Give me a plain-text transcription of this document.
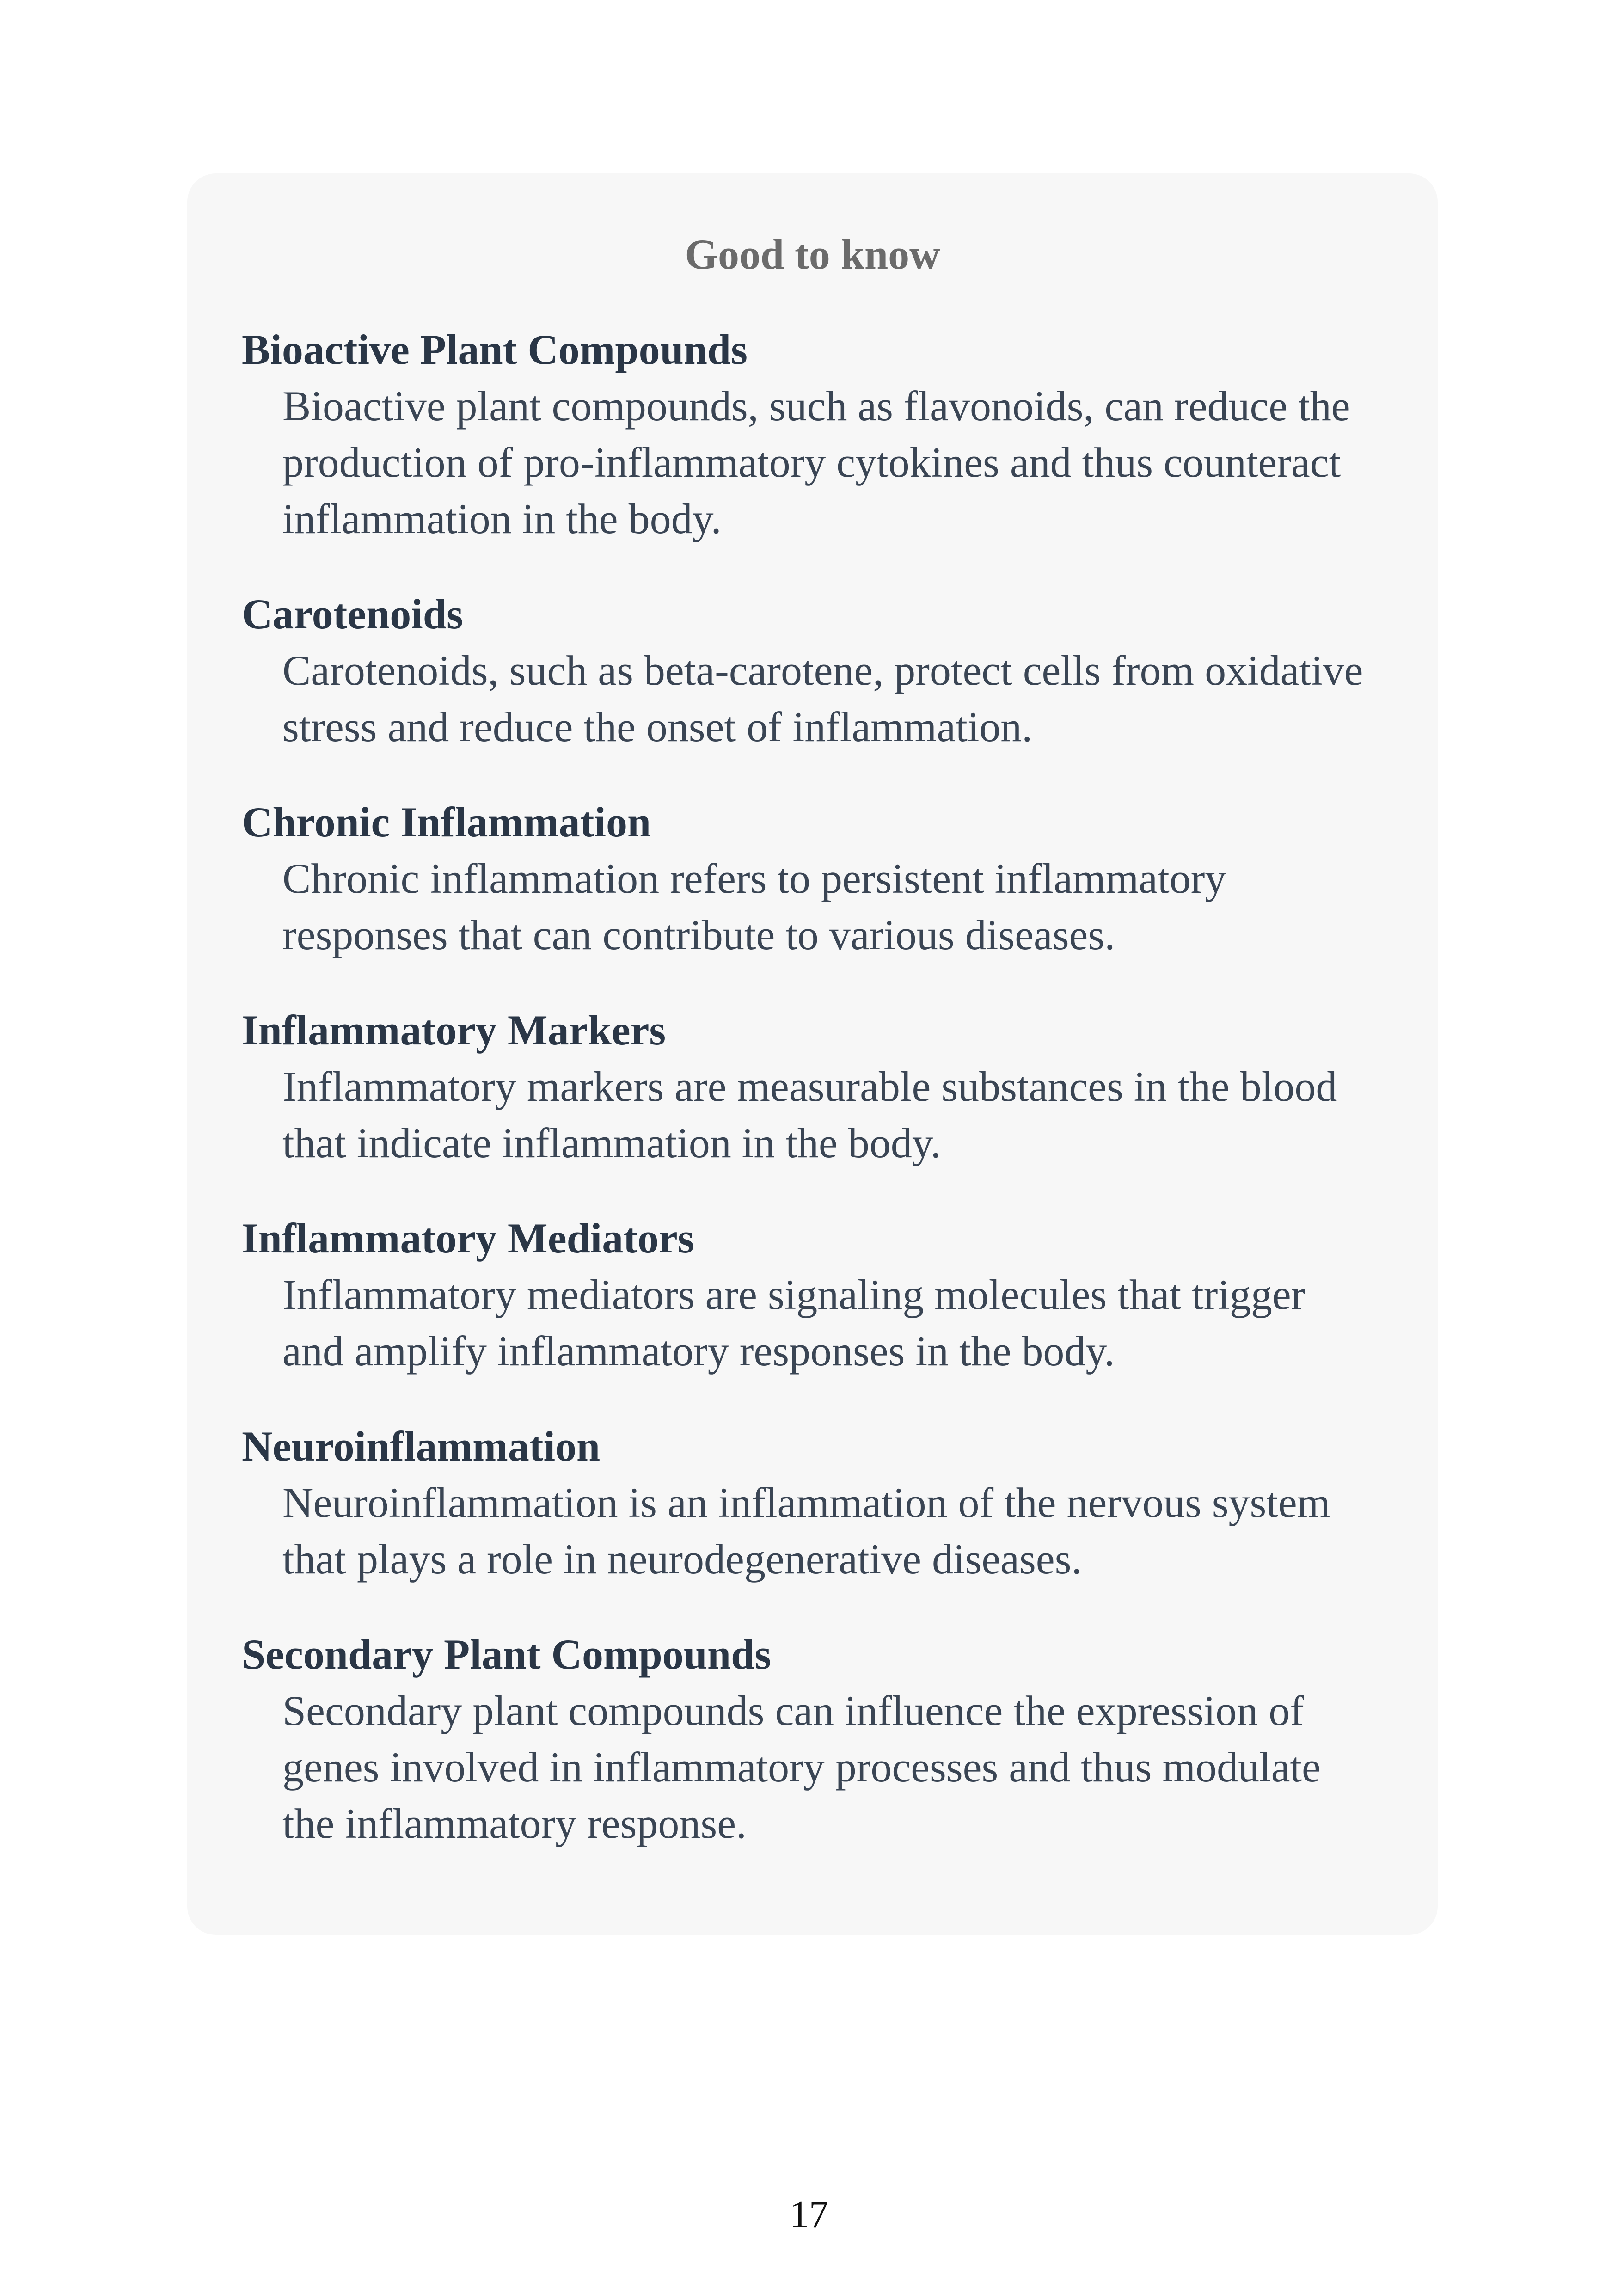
Good to know
Bioactive Plant Compounds
Bioactive plant compounds, such as flavonoids, can reduce the
production of pro-inflammatory cytokines and thus counteract
inflammation in the body.
Carotenoids
Carotenoids, such as beta-carotene, protect cells from oxidative
stress and reduce the onset of inflammation.
Chronic Inflammation
Chronic inflammation refers to persistent inflammatory
responses that can contribute to various diseases.
Inflammatory Markers
Inflammatory markers are measurable substances in the blood
that indicate inflammation in the body.
Inflammatory Mediators
Inflammatory mediators are signaling molecules that trigger
and amplify inflammatory responses in the body.
Neuroinflammation
Neuroinflammation is an inflammation of the nervous system
that plays a role in neurodegenerative diseases.
Secondary Plant Compounds
Secondary plant compounds can influence the expression of
genes involved in inflammatory processes and thus modulate
the inflammatory response.
17
